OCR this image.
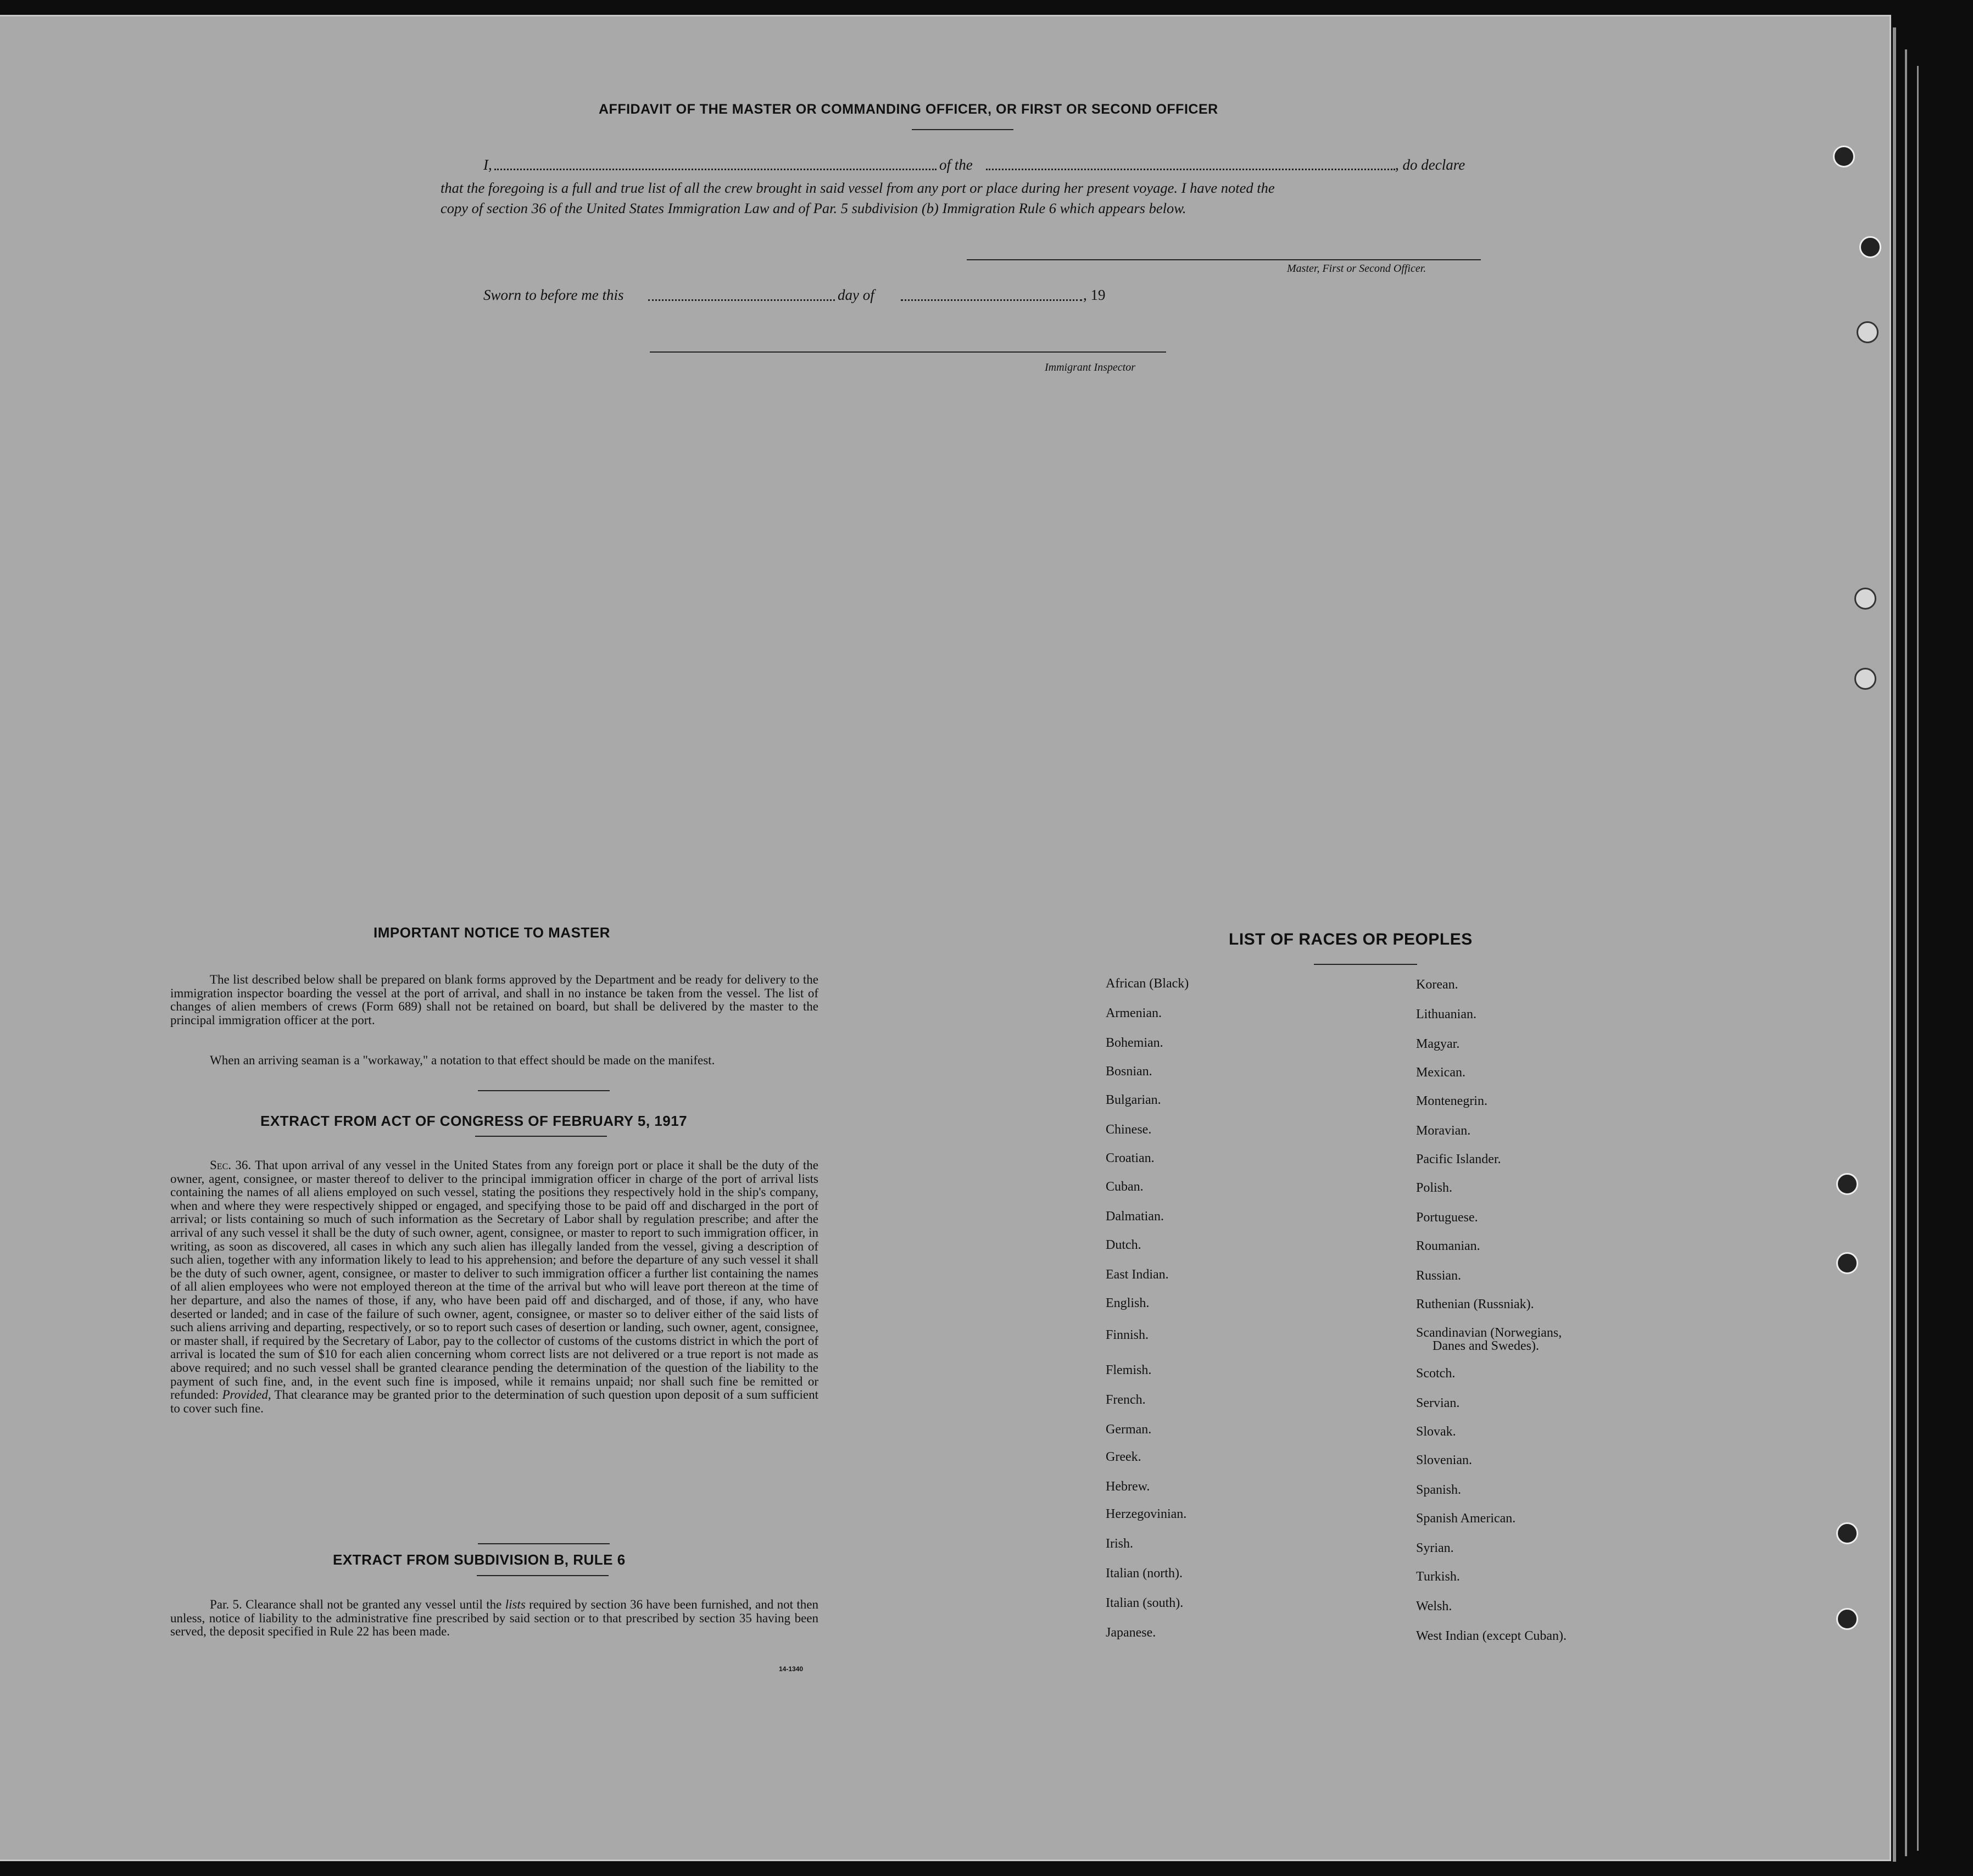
AFFIDAVIT OF THE MASTER OR COMMANDING OFFICER, OR FIRST OR SECOND OFFICER
I,	of the	, do declare
that the foregoing is a full and true list of all the crew brought in said vessel from any port or place during her present voyage. I have noted the
copy of section 36 of the United States Immigration Law and of Par. 5 subdivision (b) Immigration Rule 6 which appears below.
Master, First or Second Officer.
Sworn to before me this	day of	, 19
Immigrant Inspector
IMPORTANT NOTICE TO MASTER
The list described below shall be prepared on blank forms approved by the Department and be ready for delivery to the immigration inspector boarding the vessel at the port of arrival, and shall in no instance be taken from the vessel. The list of changes of alien members of crews (Form 689) shall not be retained on board, but shall be delivered by the master to the principal immigration officer at the port.
When an arriving seaman is a "workaway," a notation to that effect should be made on the manifest.
EXTRACT FROM ACT OF CONGRESS OF FEBRUARY 5, 1917
Sec. 36. That upon arrival of any vessel in the United States from any foreign port or place it shall be the duty of the owner, agent, consignee, or master thereof to deliver to the principal immigration officer in charge of the port of arrival lists containing the names of all aliens employed on such vessel, stating the positions they respectively hold in the ship's company, when and where they were respectively shipped or engaged, and specifying those to be paid off and discharged in the port of arrival; or lists containing so much of such information as the Secretary of Labor shall by regulation prescribe; and after the arrival of any such vessel it shall be the duty of such owner, agent, consignee, or master to report to such immigration officer, in writing, as soon as discovered, all cases in which any such alien has illegally landed from the vessel, giving a description of such alien, together with any information likely to lead to his apprehension; and before the departure of any such vessel it shall be the duty of such owner, agent, consignee, or master to deliver to such immigration officer a further list containing the names of all alien employees who were not employed thereon at the time of the arrival but who will leave port thereon at the time of her departure, and also the names of those, if any, who have been paid off and discharged, and of those, if any, who have deserted or landed; and in case of the failure of such owner, agent, consignee, or master so to deliver either of the said lists of such aliens arriving and departing, respectively, or so to report such cases of desertion or landing, such owner, agent, consignee, or master shall, if required by the Secretary of Labor, pay to the collector of customs of the customs district in which the port of arrival is located the sum of $10 for each alien concerning whom correct lists are not delivered or a true report is not made as above required; and no such vessel shall be granted clearance pending the determination of the question of the liability to the payment of such fine, and, in the event such fine is imposed, while it remains unpaid; nor shall such fine be remitted or refunded: Provided, That clearance may be granted prior to the determination of such question upon deposit of a sum sufficient to cover such fine.
EXTRACT FROM SUBDIVISION B, RULE 6
Par. 5. Clearance shall not be granted any vessel until the lists required by section 36 have been furnished, and not then unless, notice of liability to the administrative fine prescribed by said section or to that prescribed by section 35 having been served, the deposit specified in Rule 22 has been made.
14-1340
LIST OF RACES OR PEOPLES
African (Black)
Armenian.
Bohemian.
Bosnian.
Bulgarian.
Chinese.
Croatian.
Cuban.
Dalmatian.
Dutch.
East Indian.
English.
Finnish.
Flemish.
French.
German.
Greek.
Hebrew.
Herzegovinian.
Irish.
Italian (north).
Italian (south).
Japanese.
Korean.
Lithuanian.
Magyar.
Mexican.
Montenegrin.
Moravian.
Pacific Islander.
Polish.
Portuguese.
Roumanian.
Russian.
Ruthenian (Russniak).
Scandinavian (Norwegians,
Danes and Swedes).
Scotch.
Servian.
Slovak.
Slovenian.
Spanish.
Spanish American.
Syrian.
Turkish.
Welsh.
West Indian (except Cuban).
